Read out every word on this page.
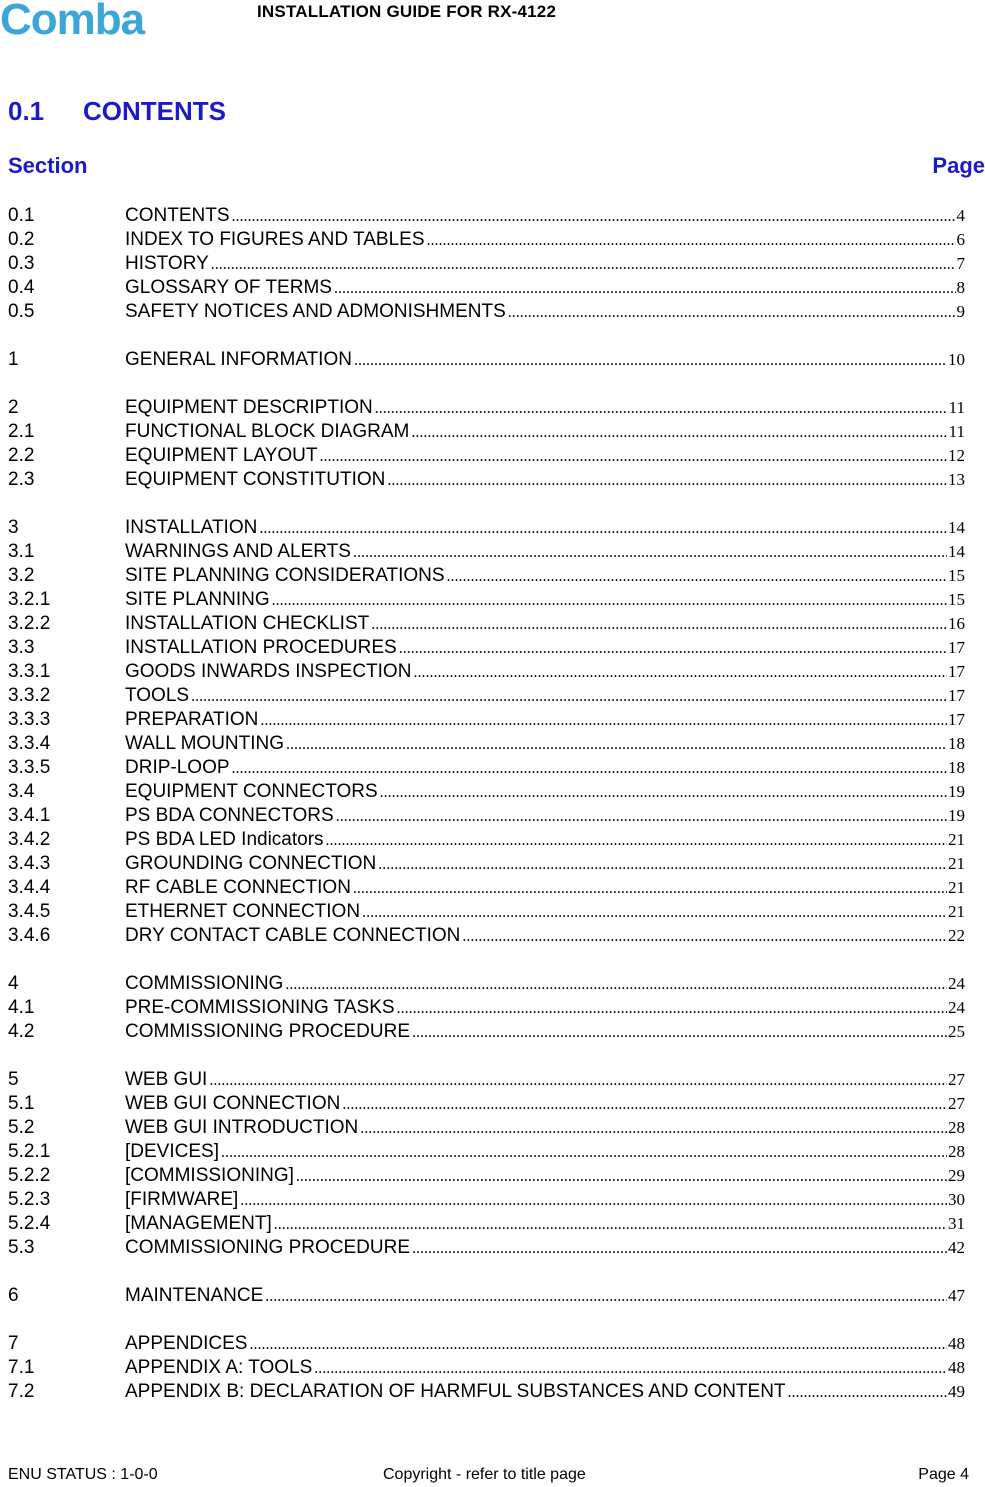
Comba	INSTALLATION GUIDE FOR RX-4122
0.1 CONTENTS
Section	Page
0.1	CONTENTS .....	4
0.2	INDEX TO FIGURES AND TABLES .....	6
0.3	HISTORY .....	7
0.4	GLOSSARY OF TERMS .....	8
0.5	SAFETY NOTICES AND ADMONISHMENTS .....	9
1	GENERAL INFORMATION .....	10
2	EQUIPMENT DESCRIPTION .....	11
2.1	FUNCTIONAL BLOCK DIAGRAM .....	11
2.2	EQUIPMENT LAYOUT .....	12
2.3	EQUIPMENT CONSTITUTION .....	13
3	INSTALLATION .....	14
3.1	WARNINGS AND ALERTS .....	14
3.2	SITE PLANNING CONSIDERATIONS .....	15
3.2.1	SITE PLANNING .....	15
3.2.2	INSTALLATION CHECKLIST .....	16
3.3	INSTALLATION PROCEDURES .....	17
3.3.1	GOODS INWARDS INSPECTION .....	17
3.3.2	TOOLS .....	17
3.3.3	PREPARATION .....	17
3.3.4	WALL MOUNTING .....	18
3.3.5	DRIP-LOOP .....	18
3.4	EQUIPMENT CONNECTORS .....	19
3.4.1	PS BDA CONNECTORS .....	19
3.4.2	PS BDA LED Indicators .....	21
3.4.3	GROUNDING CONNECTION .....	21
3.4.4	RF CABLE CONNECTION .....	21
3.4.5	ETHERNET CONNECTION .....	21
3.4.6	DRY CONTACT CABLE CONNECTION .....	22
4	COMMISSIONING .....	24
4.1	PRE-COMMISSIONING TASKS .....	24
4.2	COMMISSIONING PROCEDURE .....	25
5	WEB GUI .....	27
5.1	WEB GUI CONNECTION .....	27
5.2	WEB GUI INTRODUCTION .....	28
5.2.1	[DEVICES] .....	28
5.2.2	[COMMISSIONING] .....	29
5.2.3	[FIRMWARE] .....	30
5.2.4	[MANAGEMENT] .....	31
5.3	COMMISSIONING PROCEDURE .....	42
6	MAINTENANCE .....	47
7	APPENDICES .....	48
7.1	APPENDIX A: TOOLS .....	48
7.2	APPENDIX B: DECLARATION OF HARMFUL SUBSTANCES AND CONTENT .....	49
ENU STATUS : 1-0-0	Copyright - refer to title page	Page 4
